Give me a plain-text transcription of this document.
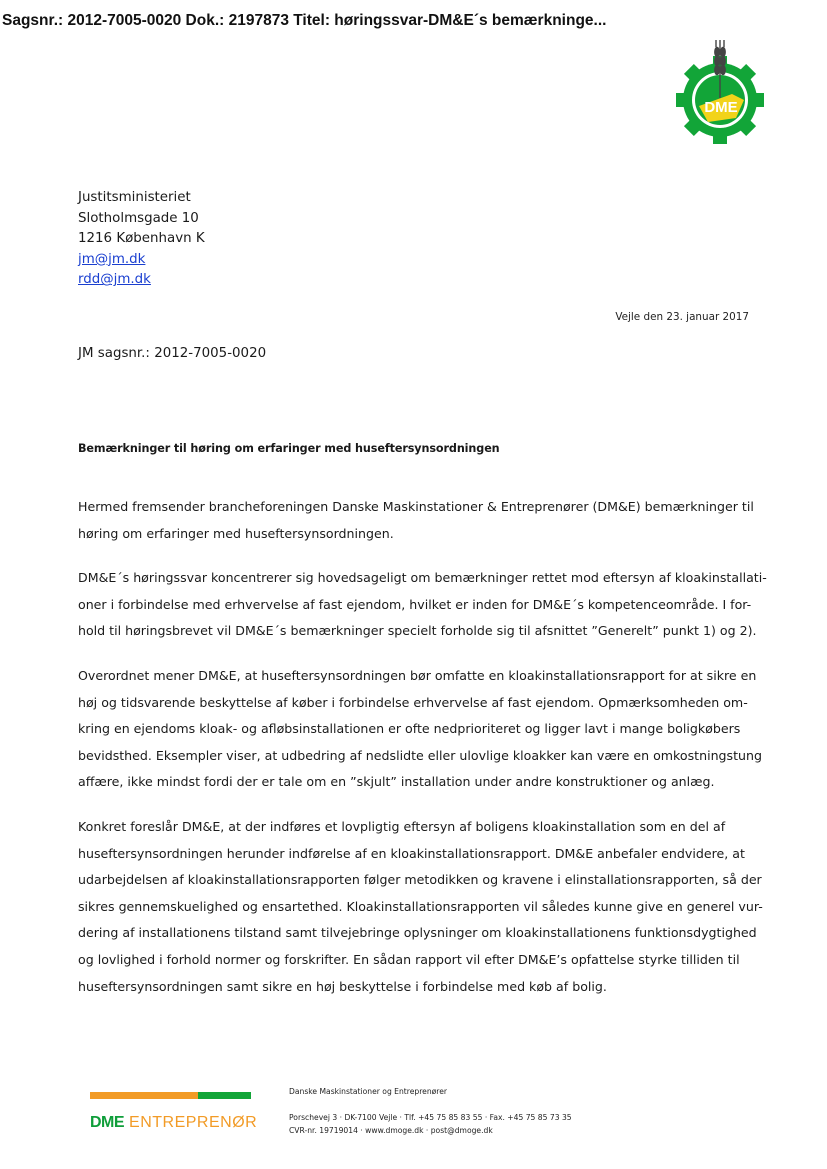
Sagsnr.: 2012-7005-0020 Dok.: 2197873 Titel: høringssvar-DM&E´s bemærkninge...
DME
Justitsministeriet
Slotholmsgade 10
1216 København K
jm@jm.dk
rdd@jm.dk
Vejle den 23. januar 2017
JM sagsnr.: 2012-7005-0020
Bemærkninger til høring om erfaringer med huseftersynsordningen

Hermed fremsender brancheforeningen Danske Maskinstationer & Entreprenører (DM&E) bemærkninger til
høring om erfaringer med huseftersynsordningen.

DM&E´s høringssvar koncentrerer sig hovedsageligt om bemærkninger rettet mod eftersyn af kloakinstallati-
oner i forbindelse med erhvervelse af fast ejendom, hvilket er inden for DM&E´s kompetenceområde. I for-
hold til høringsbrevet vil DM&E´s bemærkninger specielt forholde sig til afsnittet ”Generelt” punkt 1) og 2).

Overordnet mener DM&E, at huseftersynsordningen bør omfatte en kloakinstallationsrapport for at sikre en
høj og tidsvarende beskyttelse af køber i forbindelse erhvervelse af fast ejendom. Opmærksomheden om-
kring en ejendoms kloak- og afløbsinstallationen er ofte nedprioriteret og ligger lavt i mange boligkøbers
bevidsthed. Eksempler viser, at udbedring af nedslidte eller ulovlige kloakker kan være en omkostningstung
affære, ikke mindst fordi der er tale om en ”skjult” installation under andre konstruktioner og anlæg.

Konkret foreslår DM&E, at der indføres et lovpligtig eftersyn af boligens kloakinstallation som en del af
huseftersynsordningen herunder indførelse af en kloakinstallationsrapport. DM&E anbefaler endvidere, at
udarbejdelsen af kloakinstallationsrapporten følger metodikken og kravene i elinstallationsrapporten, så der
sikres gennemskuelighed og ensartethed. Kloakinstallationsrapporten vil således kunne give en generel vur-
dering af installationens tilstand samt tilvejebringe oplysninger om kloakinstallationens funktionsdygtighed
og lovlighed i forhold normer og forskrifter. En sådan rapport vil efter DM&E’s opfattelse styrke tilliden til
huseftersynsordningen samt sikre en høj beskyttelse i forbindelse med køb af bolig.

DME ENTREPRENØR
Danske Maskinstationer og Entreprenører
Porschevej 3 · DK-7100 Vejle · Tlf. +45 75 85 83 55 · Fax. +45 75 85 73 35
CVR-nr. 19719014 · www.dmoge.dk · post@dmoge.dk
